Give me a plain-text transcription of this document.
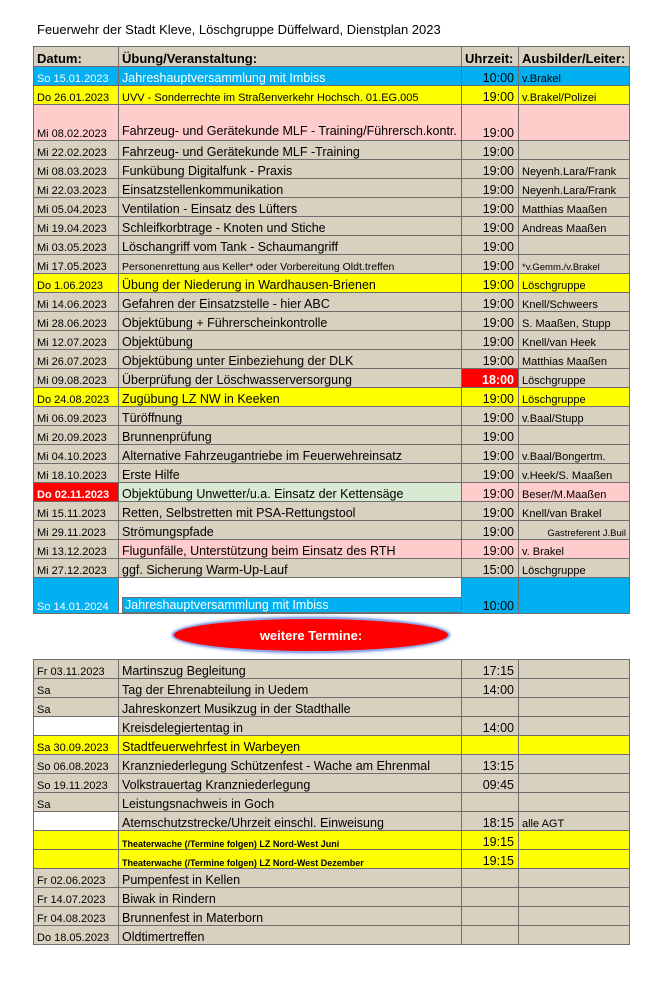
Feuerwehr der Stadt Kleve, Löschgruppe Düffelward, Dienstplan 2023
Datum:	Übung/Veranstaltung:	Uhrzeit:	Ausbilder/Leiter:
So 15.01.2023	Jahreshauptversammlung mit Imbiss	10:00	v.Brakel
Do 26.01.2023	UVV - Sonderrechte im Straßenverkehr Hochsch. 01.EG.005	19:00	v.Brakel/Polizei
Mi 08.02.2023	Fahrzeug- und Gerätekunde MLF - Training/Führersch.kontr.	19:00	
Mi 22.02.2023	Fahrzeug- und Gerätekunde MLF -Training	19:00	
Mi 08.03.2023	Funkübung Digitalfunk - Praxis	19:00	Neyenh.Lara/Frank
Mi 22.03.2023	Einsatzstellenkommunikation	19:00	Neyenh.Lara/Frank
Mi 05.04.2023	Ventilation - Einsatz des Lüfters	19:00	Matthias Maaßen
Mi 19.04.2023	Schleifkorbtrage - Knoten und Stiche	19:00	Andreas Maaßen
Mi 03.05.2023	Löschangriff vom Tank - Schaumangriff	19:00	
Mi 17.05.2023	Personenrettung aus Keller* oder Vorbereitung Oldt.treffen	19:00	*v.Gemm./v.Brakel
Do 1.06.2023	Übung der Niederung in Wardhausen-Brienen	19:00	Löschgruppe
Mi 14.06.2023	Gefahren der Einsatzstelle - hier ABC	19:00	Knell/Schweers
Mi 28.06.2023	Objektübung + Führerscheinkontrolle	19:00	S. Maaßen, Stupp
Mi 12.07.2023	Objektübung	19:00	Knell/van Heek
Mi 26.07.2023	Objektübung unter Einbeziehung der DLK	19:00	Matthias Maaßen
Mi 09.08.2023	Überprüfung der Löschwasserversorgung	18:00	Löschgruppe
Do 24.08.2023	Zugübung LZ NW in Keeken	19:00	Löschgruppe
Mi 06.09.2023	Türöffnung	19:00	v.Baal/Stupp
Mi 20.09.2023	Brunnenprüfung	19:00	
Mi 04.10.2023	Alternative Fahrzeugantriebe im Feuerwehreinsatz	19:00	v.Baal/Bongertm.
Mi 18.10.2023	Erste Hilfe	19:00	v.Heek/S. Maaßen
Do 02.11.2023	Objektübung Unwetter/u.a. Einsatz der Kettensäge	19:00	Beser/M.Maaßen
Mi 15.11.2023	Retten, Selbstretten mit PSA-Rettungstool	19:00	Knell/van Brakel
Mi 29.11.2023	Strömungspfade	19:00	Gastreferent J.Buil
Mi 13.12.2023	Flugunfälle, Unterstützung beim Einsatz des RTH	19:00	v. Brakel
Mi 27.12.2023	ggf. Sicherung Warm-Up-Lauf	15:00	Löschgruppe
So 14.01.2024	Jahreshauptversammlung mit Imbiss	10:00	
weitere Termine:
Fr 03.11.2023	Martinszug Begleitung	17:15	
Sa	Tag der Ehrenabteilung in Uedem	14:00	
Sa	Jahreskonzert Musikzug in der Stadthalle		
	Kreisdelegiertentag in	14:00	
Sa 30.09.2023	Stadtfeuerwehrfest in Warbeyen		
So 06.08.2023	Kranzniederlegung Schützenfest - Wache am Ehrenmal	13:15	
So 19.11.2023	Volkstrauertag Kranzniederlegung	09:45	
Sa	Leistungsnachweis in Goch		
	Atemschutzstrecke/Uhrzeit einschl. Einweisung	18:15	alle AGT
	Theaterwache (/Termine folgen) LZ Nord-West Juni	19:15	
	Theaterwache (/Termine folgen) LZ Nord-West Dezember	19:15	
Fr 02.06.2023	Pumpenfest in Kellen		
Fr 14.07.2023	Biwak in Rindern		
Fr 04.08.2023	Brunnenfest in Materborn		
Do 18.05.2023	Oldtimertreffen		
